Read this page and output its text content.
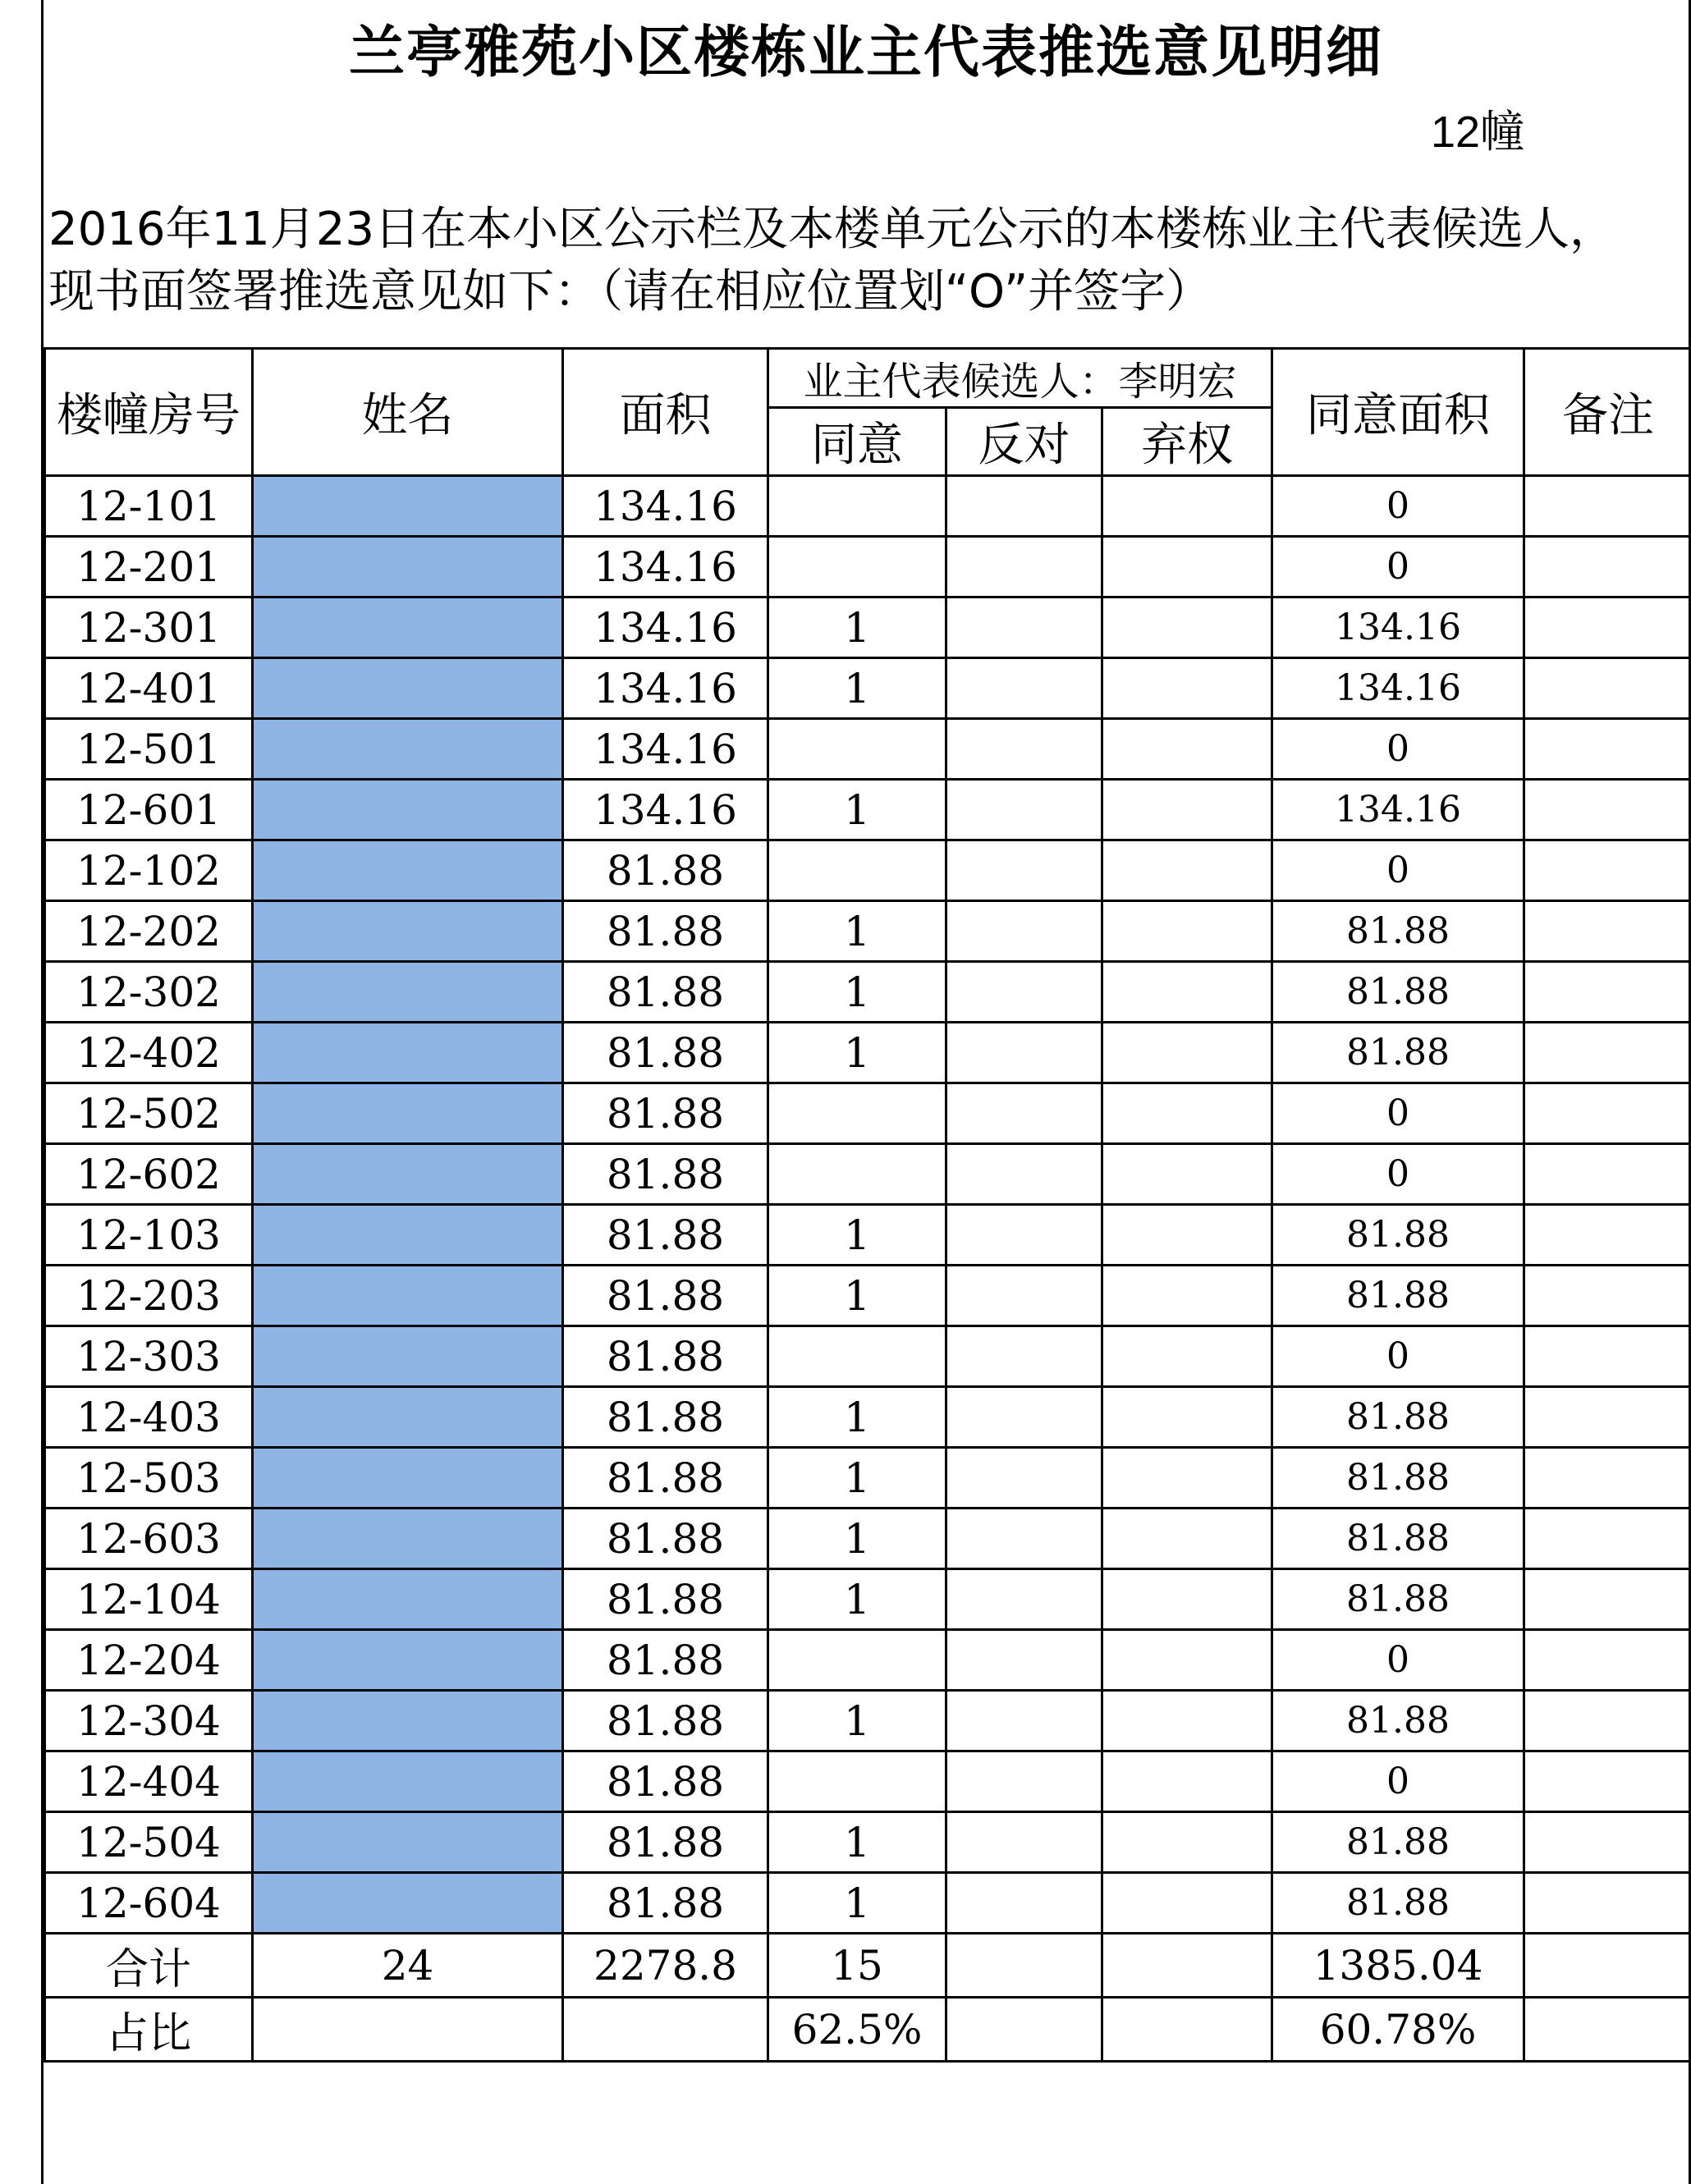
兰亭雅苑小区楼栋业主代表推选意见明细
12幢
2016年11月23日在本小区公示栏及本楼单元公示的本楼栋业主代表候选人，
现书面签署推选意见如下：（请在相应位置划“O”并签字）
楼幢房号	姓名	面积	业主代表候选人：李明宏			同意面积	备注
			同意	反对	弃权		
12-101		134.16				0	
12-201		134.16				0	
12-301		134.16	1			134.16	
12-401		134.16	1			134.16	
12-501		134.16				0	
12-601		134.16	1			134.16	
12-102		81.88				0	
12-202		81.88	1			81.88	
12-302		81.88	1			81.88	
12-402		81.88	1			81.88	
12-502		81.88				0	
12-602		81.88				0	
12-103		81.88	1			81.88	
12-203		81.88	1			81.88	
12-303		81.88				0	
12-403		81.88	1			81.88	
12-503		81.88	1			81.88	
12-603		81.88	1			81.88	
12-104		81.88	1			81.88	
12-204		81.88				0	
12-304		81.88	1			81.88	
12-404		81.88				0	
12-504		81.88	1			81.88	
12-604		81.88	1			81.88	
合计	24	2278.8	15			1385.04	
占比			62.5%			60.78%	
